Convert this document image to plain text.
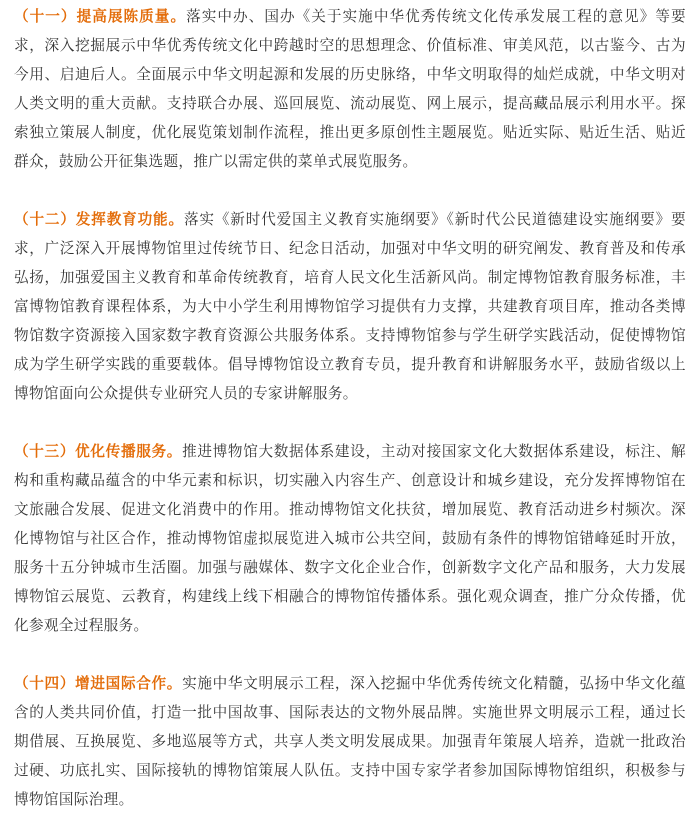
（十一）提高展陈质量。落实中办、国办《关于实施中华优秀传统文化传承发展工程的意见》等要求，深入挖掘展示中华优秀传统文化中跨越时空的思想理念、价值标准、审美风范，以古鉴今、古为今用、启迪后人。全面展示中华文明起源和发展的历史脉络，中华文明取得的灿烂成就，中华文明对人类文明的重大贡献。支持联合办展、巡回展览、流动展览、网上展示，提高藏品展示利用水平。探索独立策展人制度，优化展览策划制作流程，推出更多原创性主题展览。贴近实际、贴近生活、贴近群众，鼓励公开征集选题，推广以需定供的菜单式展览服务。

（十二）发挥教育功能。落实《新时代爱国主义教育实施纲要》《新时代公民道德建设实施纲要》要求，广泛深入开展博物馆里过传统节日、纪念日活动，加强对中华文明的研究阐发、教育普及和传承弘扬，加强爱国主义教育和革命传统教育，培育人民文化生活新风尚。制定博物馆教育服务标准，丰富博物馆教育课程体系，为大中小学生利用博物馆学习提供有力支撑，共建教育项目库，推动各类博物馆数字资源接入国家数字教育资源公共服务体系。支持博物馆参与学生研学实践活动，促使博物馆成为学生研学实践的重要载体。倡导博物馆设立教育专员，提升教育和讲解服务水平，鼓励省级以上博物馆面向公众提供专业研究人员的专家讲解服务。

（十三）优化传播服务。推进博物馆大数据体系建设，主动对接国家文化大数据体系建设，标注、解构和重构藏品蕴含的中华元素和标识，切实融入内容生产、创意设计和城乡建设，充分发挥博物馆在文旅融合发展、促进文化消费中的作用。推动博物馆文化扶贫，增加展览、教育活动进乡村频次。深化博物馆与社区合作，推动博物馆虚拟展览进入城市公共空间，鼓励有条件的博物馆错峰延时开放，服务十五分钟城市生活圈。加强与融媒体、数字文化企业合作，创新数字文化产品和服务，大力发展博物馆云展览、云教育，构建线上线下相融合的博物馆传播体系。强化观众调查，推广分众传播，优化参观全过程服务。

（十四）增进国际合作。实施中华文明展示工程，深入挖掘中华优秀传统文化精髓，弘扬中华文化蕴含的人类共同价值，打造一批中国故事、国际表达的文物外展品牌。实施世界文明展示工程，通过长期借展、互换展览、多地巡展等方式，共享人类文明发展成果。加强青年策展人培养，造就一批政治过硬、功底扎实、国际接轨的博物馆策展人队伍。支持中国专家学者参加国际博物馆组织，积极参与博物馆国际治理。
